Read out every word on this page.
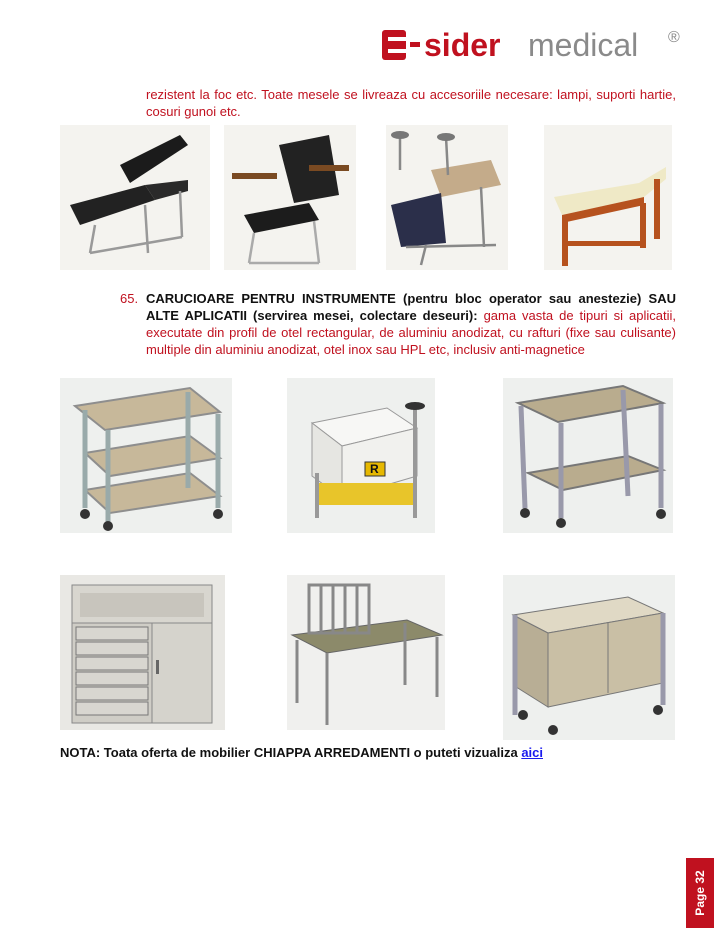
sider medical ®
rezistent la foc etc. Toate mesele se livreaza cu accesoriile necesare: lampi, suporti hartie, cosuri gunoi etc.
65. CARUCIOARE PENTRU INSTRUMENTE (pentru bloc operator sau anestezie) SAU ALTE APLICATII (servirea mesei, colectare deseuri): gama vasta de tipuri si aplicatii, executate din profil de otel rectangular, de aluminiu anodizat, cu rafturi (fixe sau culisante) multiple din aluminiu anodizat, otel inox sau HPL etc, inclusiv anti-magnetice
R
NOTA: Toata oferta de mobilier CHIAPPA ARREDAMENTI o puteti vizualiza aici
Page 32
